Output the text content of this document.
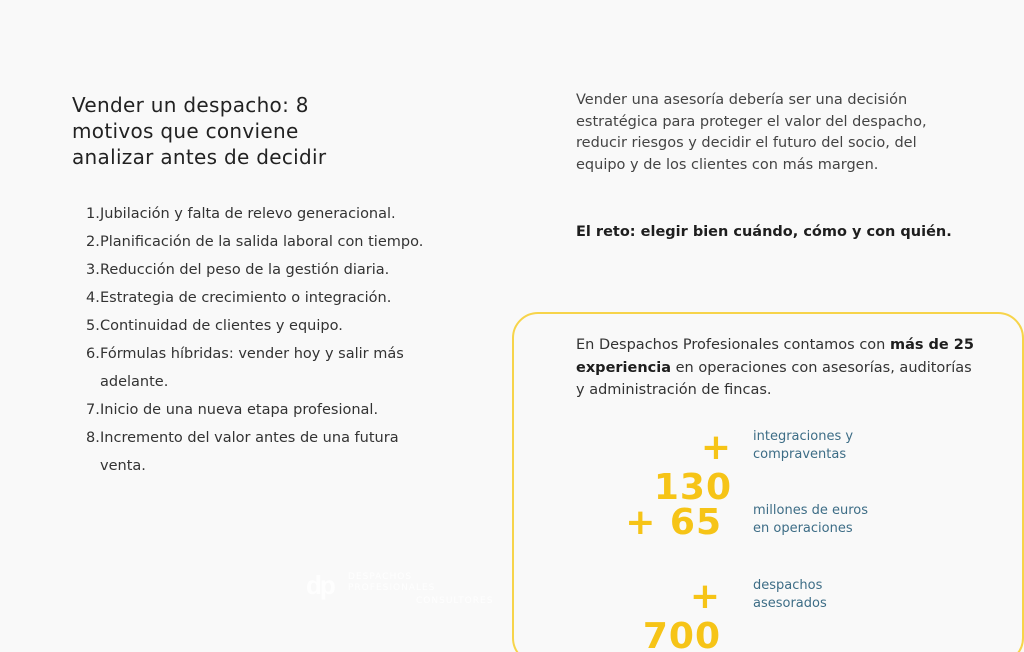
Vender un despacho: 8 motivos que conviene analizar antes de decidir
1. Jubilación y falta de relevo generacional.
2. Planificación de la salida laboral con tiempo.
3. Reducción del peso de la gestión diaria.
4. Estrategia de crecimiento o integración.
5. Continuidad de clientes y equipo.
6. Fórmulas híbridas: vender hoy y salir más adelante.
7. Inicio de una nueva etapa profesional.
8. Incremento del valor antes de una futura venta.

Vender una asesoría debería ser una decisión estratégica para proteger el valor del despacho, reducir riesgos y decidir el futuro del socio, del equipo y de los clientes con más margen.

El reto: elegir bien cuándo, cómo y con quién.

En Despachos Profesionales contamos con más de 25 experiencia en operaciones con asesorías, auditorías y administración de fincas.

+ 130
integraciones y
compraventas
+ 65 millones de euros
en operaciones
+ 700
despachos
asesorados
dp DESPACHOS
PROFESIONALES
CONSULTORES
